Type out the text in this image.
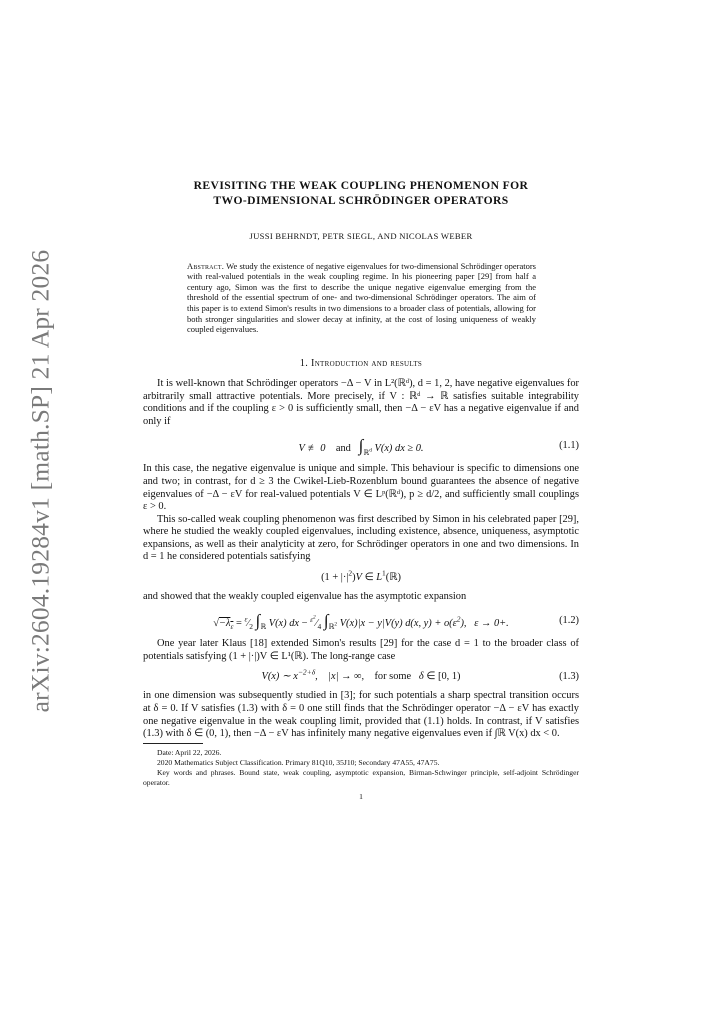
arXiv:2604.19284v1 [math.SP] 21 Apr 2026

REVISITING THE WEAK COUPLING PHENOMENON FOR
TWO-DIMENSIONAL SCHRÖDINGER OPERATORS

JUSSI BEHRNDT, PETR SIEGL, AND NICOLAS WEBER
Abstract. We study the existence of negative eigenvalues for two-dimensional Schrödinger operators with real-valued potentials in the weak coupling regime. In his pioneering paper [29] from half a century ago, Simon was the first to describe the unique negative eigenvalue emerging from the threshold of the essential spectrum of one- and two-dimensional Schrödinger operators. The aim of this paper is to extend Simon's results in two dimensions to a broader class of potentials, allowing for both stronger singularities and slower decay at infinity, at the cost of losing uniqueness of weakly coupled eigenvalues.
1. Introduction and results

It is well-known that Schrödinger operators −Δ − V in L²(ℝᵈ), d = 1, 2, have negative eigenvalues for arbitrarily small attractive potentials. More precisely, if V : ℝᵈ → ℝ satisfies suitable integrability conditions and if the coupling ε > 0 is sufficiently small, then −Δ − εV has a negative eigenvalue if and only if

V ≢ 0    and   $\int_{ℝ^d}$ V(x) dx ≥ 0.	(1.1)

In this case, the negative eigenvalue is unique and simple. This behaviour is specific to dimensions one and two; in contrast, for d ≥ 3 the Cwikel-Lieb-Rozenblum bound guarantees the absence of negative eigenvalues of −Δ − εV for real-valued potentials V ∈ Lᵖ(ℝᵈ), p ≥ d/2, and sufficiently small couplings ε > 0.

This so-called weak coupling phenomenon was first described by Simon in his celebrated paper [29], where he studied the weakly coupled eigenvalues, including existence, absence, uniqueness, asymptotic expansions, as well as their analyticity at zero, for Schrödinger operators in one and two dimensions. In d = 1 he considered potentials satisfying

$(1 + |\cdot|^2)V$ ∈ $L^1(ℝ)$

and showed that the weakly coupled eigenvalue has the asymptotic expansion

$√-\lambda_\varepsilon$ = $^\varepsilon⁄_2$ $\int_ℝ$ V(x) dx − $^{\varepsilon^2}⁄_4$ $\int_{ℝ^2}$ V(x)|x − y|V(y) d(x, $y) + o(\varepsilon^2)$,   ε → 0+.	(1.2)

One year later Klaus [18] extended Simon's results [29] for the case d = 1 to the broader class of potentials satisfying (1 + |·|)V ∈ L¹(ℝ). The long-range case

V(x) ∼ $x^{-2+\delta}$,    |x| → ∞,    for some   δ ∈ [0, 1)	(1.3)

in one dimension was subsequently studied in [3]; for such potentials a sharp spectral transition occurs at δ = 0. If V satisfies (1.3) with δ = 0 one still finds that the Schrödinger operator −Δ − εV has exactly one negative eigenvalue in the weak coupling limit, provided that (1.1) holds. In contrast, if V satisfies (1.3) with δ ∈ (0, 1), then −Δ − εV has infinitely many negative eigenvalues even if ∫ℝ V(x) dx < 0.

Date: April 22, 2026.

2020 Mathematics Subject Classification. Primary 81Q10, 35J10; Secondary 47A55, 47A75.

Key words and phrases. Bound state, weak coupling, asymptotic expansion, Birman-Schwinger principle, self-adjoint Schrödinger operator.

1
